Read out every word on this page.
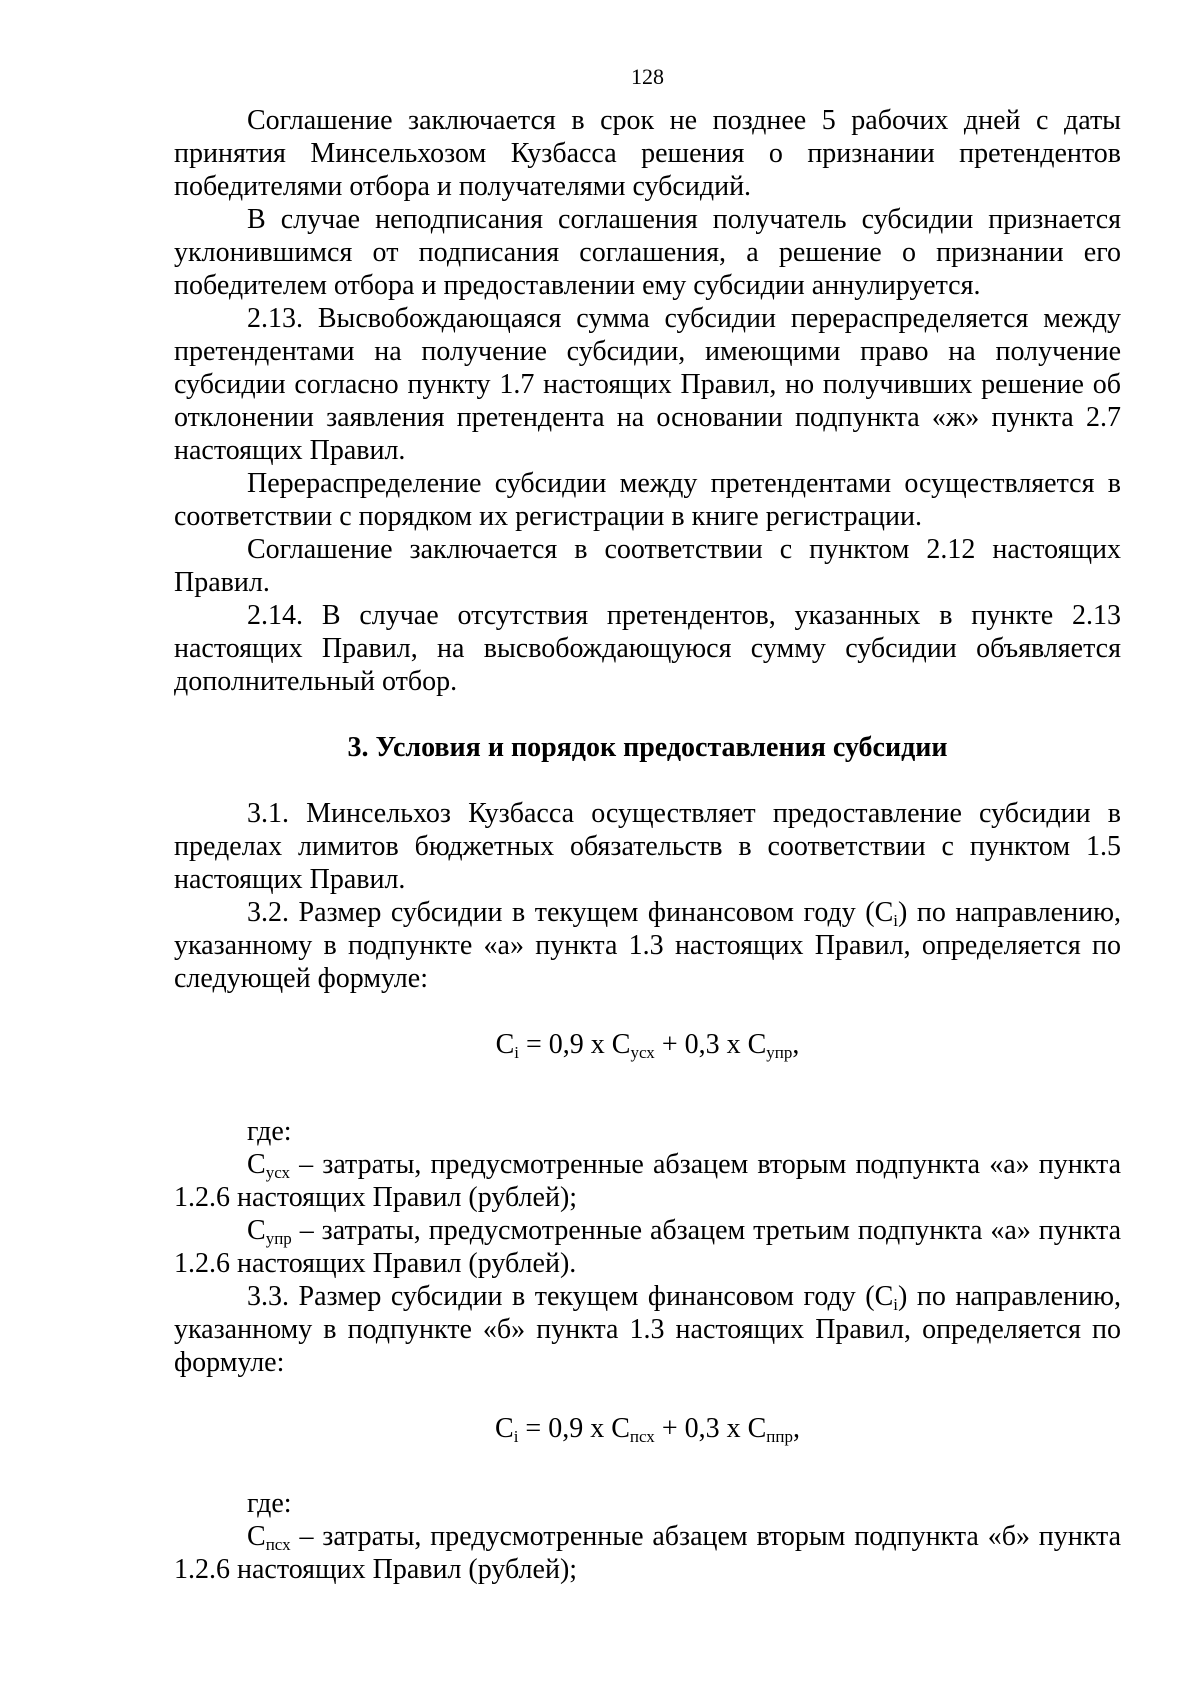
128

Соглашение заключается в срок не позднее 5 рабочих дней с даты принятия Минсельхозом Кузбасса решения о признании претендентов победителями отбора и получателями субсидий.

В случае неподписания соглашения получатель субсидии признается уклонившимся от подписания соглашения, а решение о признании его победителем отбора и предоставлении ему субсидии аннулируется.

2.13. Высвобождающаяся сумма субсидии перераспределяется между претендентами на получение субсидии, имеющими право на получение субсидии согласно пункту 1.7 настоящих Правил, но получивших решение об отклонении заявления претендента на основании подпункта «ж» пункта 2.7 настоящих Правил.

Перераспределение субсидии между претендентами осуществляется в соответствии с порядком их регистрации в книге регистрации.

Соглашение заключается в соответствии с пунктом 2.12 настоящих Правил.

2.14. В случае отсутствия претендентов, указанных в пункте 2.13 настоящих Правил, на высвобождающуюся сумму субсидии объявляется дополнительный отбор.

3. Условия и порядок предоставления субсидии

3.1. Минсельхоз Кузбасса осуществляет предоставление субсидии в пределах лимитов бюджетных обязательств в соответствии с пунктом 1.5 настоящих Правил.

3.2. Размер субсидии в текущем финансовом году $(С_i)$ по направлению, указанному в подпункте «а» пункта 1.3 настоящих Правил, определяется по следующей формуле:

$С_i = 0,9$ х $С_{усх} + 0,3$ х $С_{упр}$,

где:

$С_{усх}$ – затраты, предусмотренные абзацем вторым подпункта «а» пункта 1.2.6 настоящих Правил (рублей);

$С_{упр}$ – затраты, предусмотренные абзацем третьим подпункта «а» пункта 1.2.6 настоящих Правил (рублей).

3.3. Размер субсидии в текущем финансовом году $(С_i)$ по направлению, указанному в подпункте «б» пункта 1.3 настоящих Правил, определяется по формуле:

$С_i = 0,9$ х $С_{псх} + 0,3$ х $С_{ппр}$,

где:

$С_{псх}$ – затраты, предусмотренные абзацем вторым подпункта «б» пункта 1.2.6 настоящих Правил (рублей);
